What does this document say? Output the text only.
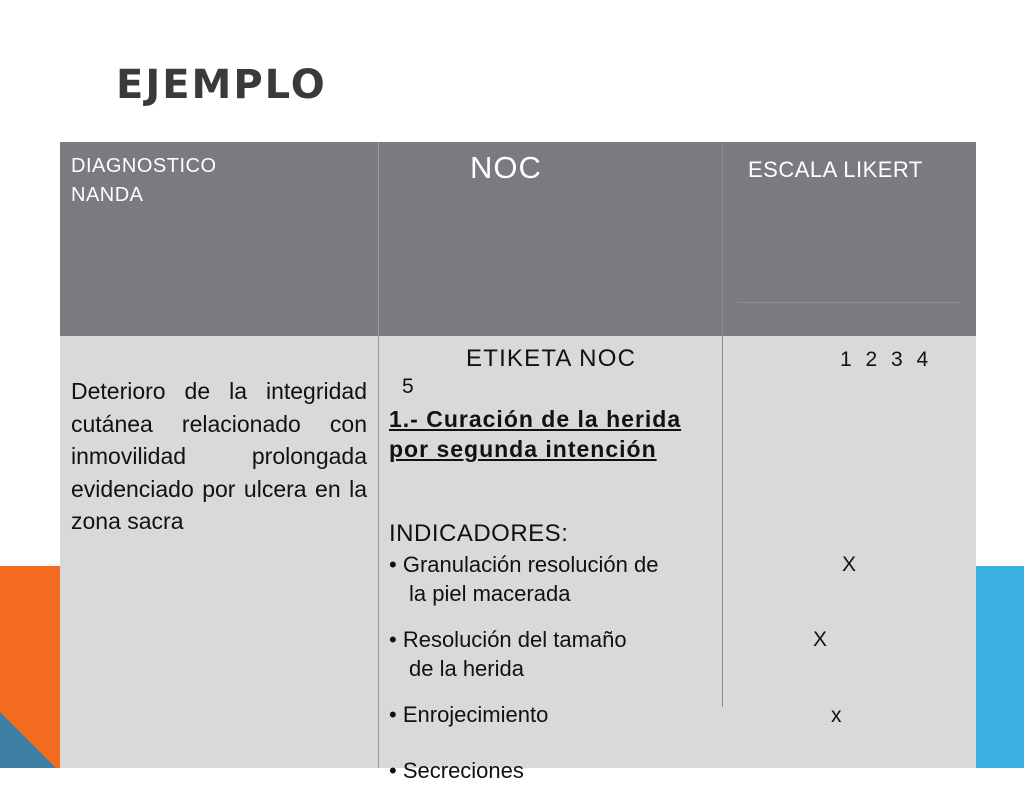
EJEMPLO
DIAGNOSTICO
NANDA
NOC	ESCALA LIKERT
Deterioro de la integridad cutánea relacionado con inmovilidad prolongada evidenciado por ulcera en la zona sacra
ETIKETA NOC
5
1 2 3 4
1.- Curación de la herida
por segunda intención
INDICADORES:
• Granulación resolución de
la piel macerada
X
• Resolución del tamaño
de la herida
X
• Enrojecimiento	x
• Secreciones
